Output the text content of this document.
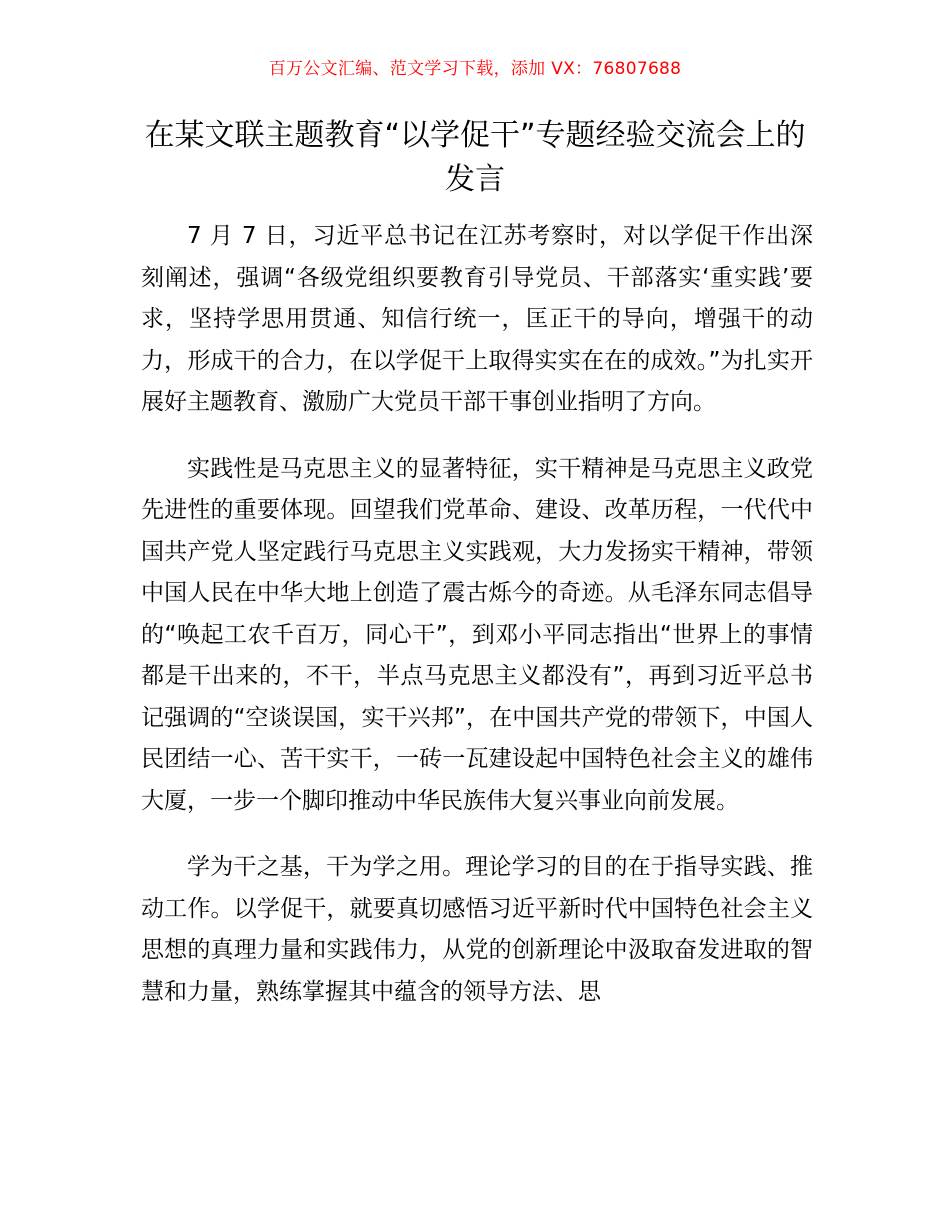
百万公文汇编、范文学习下载，添加 VX：76807688
在某文联主题教育“以学促干”专题经验交流会上的发言

7 月 7 日，习近平总书记在江苏考察时，对以学促干作出深刻阐述，强调“各级党组织要教育引导党员、干部落实‘重实践’要求，坚持学思用贯通、知信行统一，匡正干的导向，增强干的动力，形成干的合力，在以学促干上取得实实在在的成效。”为扎实开展好主题教育、激励广大党员干部干事创业指明了方向。

实践性是马克思主义的显著特征，实干精神是马克思主义政党先进性的重要体现。回望我们党革命、建设、改革历程，一代代中国共产党人坚定践行马克思主义实践观，大力发扬实干精神，带领中国人民在中华大地上创造了震古烁今的奇迹。从毛泽东同志倡导的“唤起工农千百万，同心干”，到邓小平同志指出“世界上的事情都是干出来的，不干，半点马克思主义都没有”，再到习近平总书记强调的“空谈误国，实干兴邦”，在中国共产党的带领下，中国人民团结一心、苦干实干，一砖一瓦建设起中国特色社会主义的雄伟大厦，一步一个脚印推动中华民族伟大复兴事业向前发展。

学为干之基，干为学之用。理论学习的目的在于指导实践、推动工作。以学促干，就要真切感悟习近平新时代中国特色社会主义思想的真理力量和实践伟力，从党的创新理论中汲取奋发进取的智慧和力量，熟练掌握其中蕴含的领导方法、思
